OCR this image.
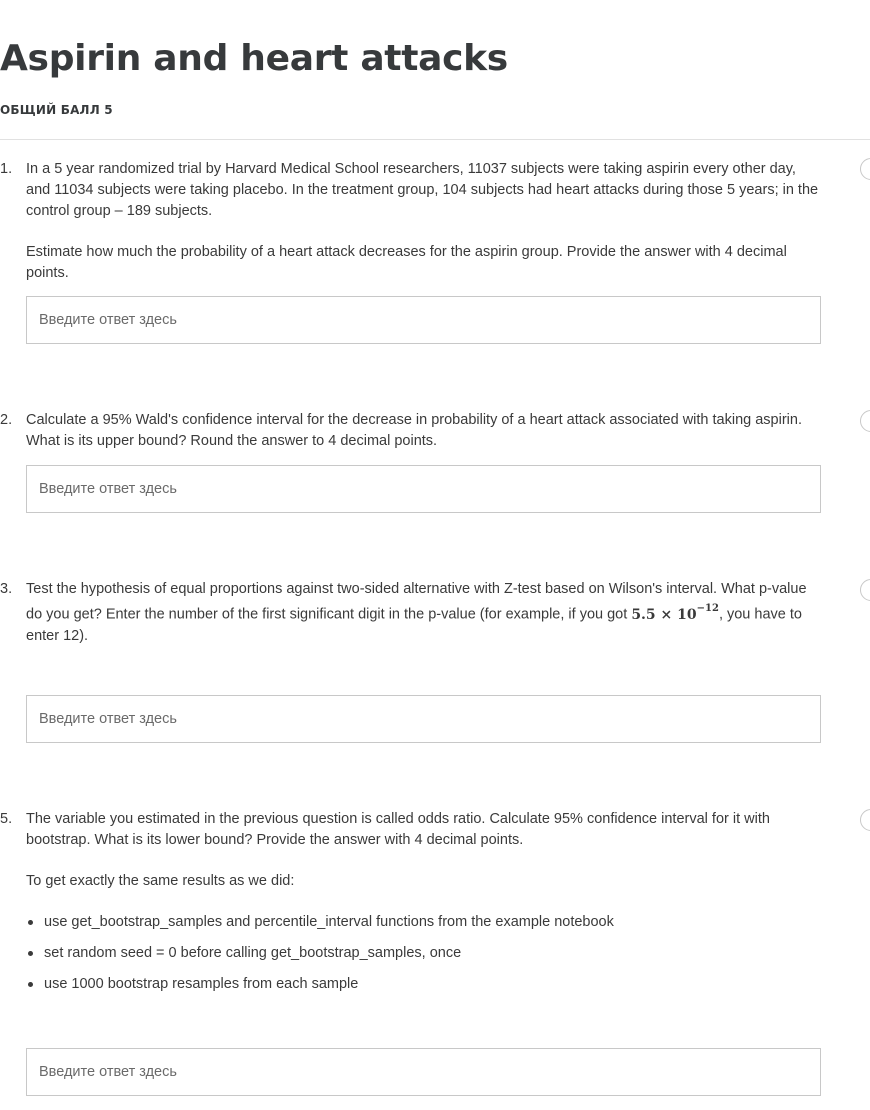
Aspirin and heart attacks
ОБЩИЙ БАЛЛ 5
1. In a 5 year randomized trial by Harvard Medical School researchers, 11037 subjects were taking aspirin every other day, and 11034 subjects were taking placebo. In the treatment group, 104 subjects had heart attacks during those 5 years; in the control group – 189 subjects.

Estimate how much the probability of a heart attack decreases for the aspirin group. Provide the answer with 4 decimal points.

Введите ответ здесь
2. Calculate a 95% Wald's confidence interval for the decrease in probability of a heart attack associated with taking aspirin. What is its upper bound? Round the answer to 4 decimal points.

Введите ответ здесь
3. Test the hypothesis of equal proportions against two-sided alternative with Z-test based on Wilson's interval. What p-value do you get? Enter the number of the first significant digit in the p-value (for example, if you got $5.5 \times 10^{-12}$, you have to enter 12).

Введите ответ здесь
5. The variable you estimated in the previous question is called odds ratio. Calculate 95% confidence interval for it with bootstrap. What is its lower bound? Provide the answer with 4 decimal points.

To get exactly the same results as we did:

use get_bootstrap_samples and percentile_interval functions from the example notebook
set random seed = 0 before calling get_bootstrap_samples, once
use 1000 bootstrap resamples from each sample
Введите ответ здесь
